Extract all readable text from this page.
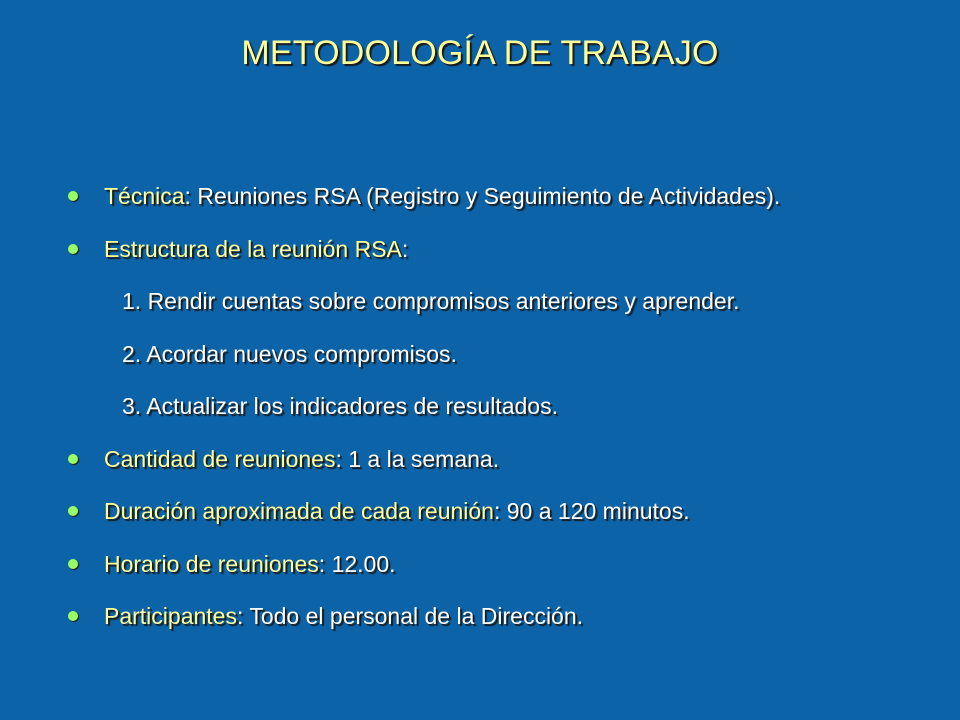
METODOLOGÍA DE TRABAJO
Técnica: Reuniones RSA (Registro y Seguimiento de Actividades).
Estructura de la reunión RSA:
1. Rendir cuentas sobre compromisos anteriores y aprender.
2. Acordar nuevos compromisos.
3. Actualizar los indicadores de resultados.
Cantidad de reuniones: 1 a la semana.
Duración aproximada de cada reunión: 90 a 120 minutos.
Horario de reuniones: 12.00.
Participantes: Todo el personal de la Dirección.
